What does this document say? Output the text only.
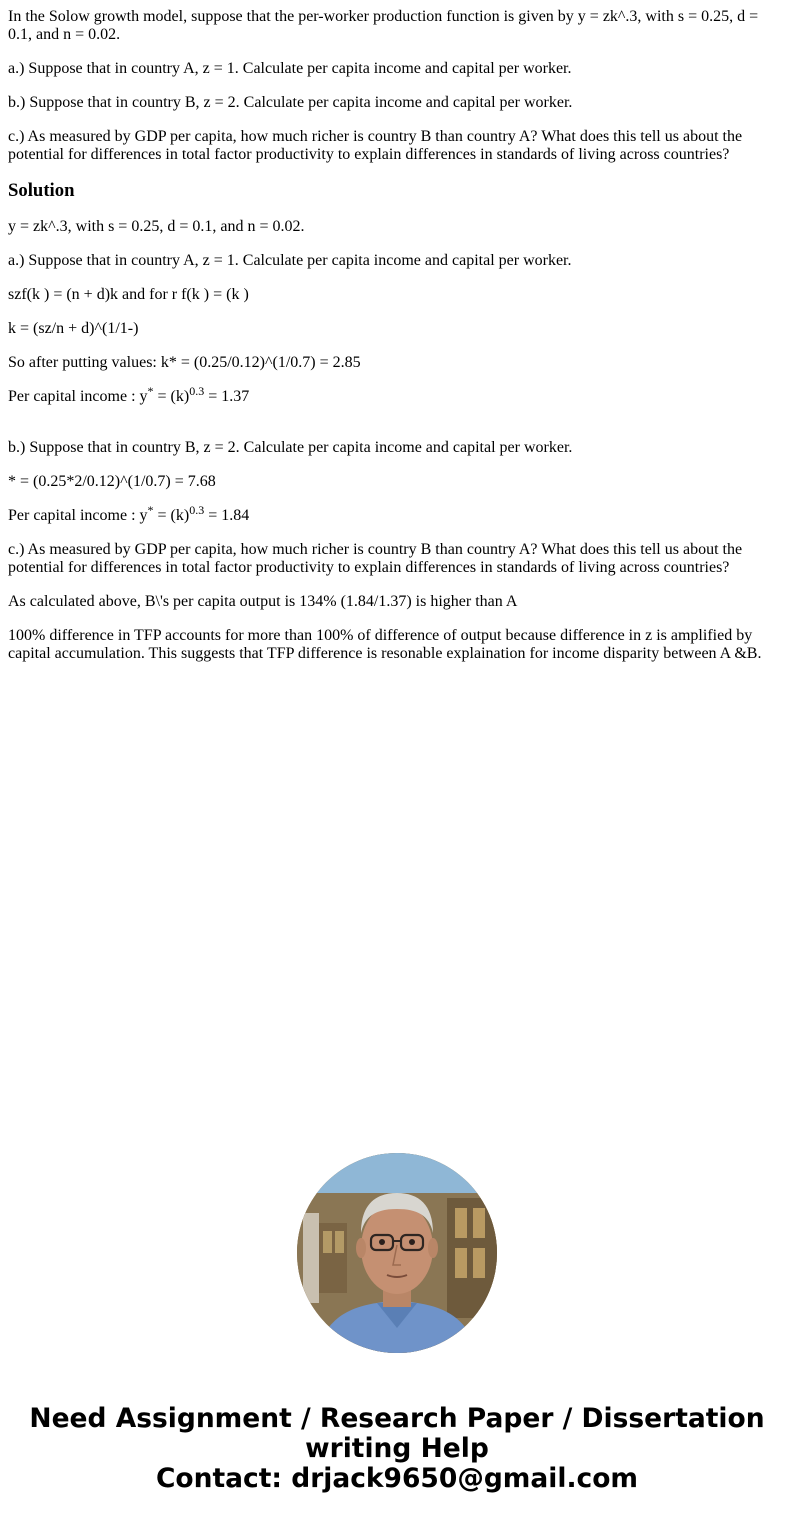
In the Solow growth model, suppose that the per-worker production function is given by y = zk^.3, with s = 0.25, d = 0.1, and n = 0.02.

a.) Suppose that in country A, z = 1. Calculate per capita income and capital per worker.

b.) Suppose that in country B, z = 2. Calculate per capita income and capital per worker.

c.) As measured by GDP per capita, how much richer is country B than country A? What does this tell us about the potential for differences in total factor productivity to explain differences in standards of living across countries?

Solution

y = zk^.3, with s = 0.25, d = 0.1, and n = 0.02.

a.) Suppose that in country A, z = 1. Calculate per capita income and capital per worker.

szf(k ) = (n + d)k and for r f(k ) = (k )

k = (sz/n + d)^(1/1-)

So after putting values: k* = (0.25/0.12)^(1/0.7) = 2.85

Per capital income : $y^* = (k)^{0.3} = 1.37$

b.) Suppose that in country B, z = 2. Calculate per capita income and capital per worker.

* = (0.25*2/0.12)^(1/0.7) = 7.68

Per capital income : $y^* = (k)^{0.3} = 1.84$

c.) As measured by GDP per capita, how much richer is country B than country A? What does this tell us about the potential for differences in total factor productivity to explain differences in standards of living across countries?

As calculated above, B\'s per capita output is 134% (1.84/1.37) is higher than A

100% difference in TFP accounts for more than 100% of difference of output because difference in z is amplified by capital accumulation. This suggests that TFP difference is resonable explaination for income disparity between A &B.

Need Assignment / Research Paper / Dissertation
writing Help
Contact: drjack9650@gmail.com
